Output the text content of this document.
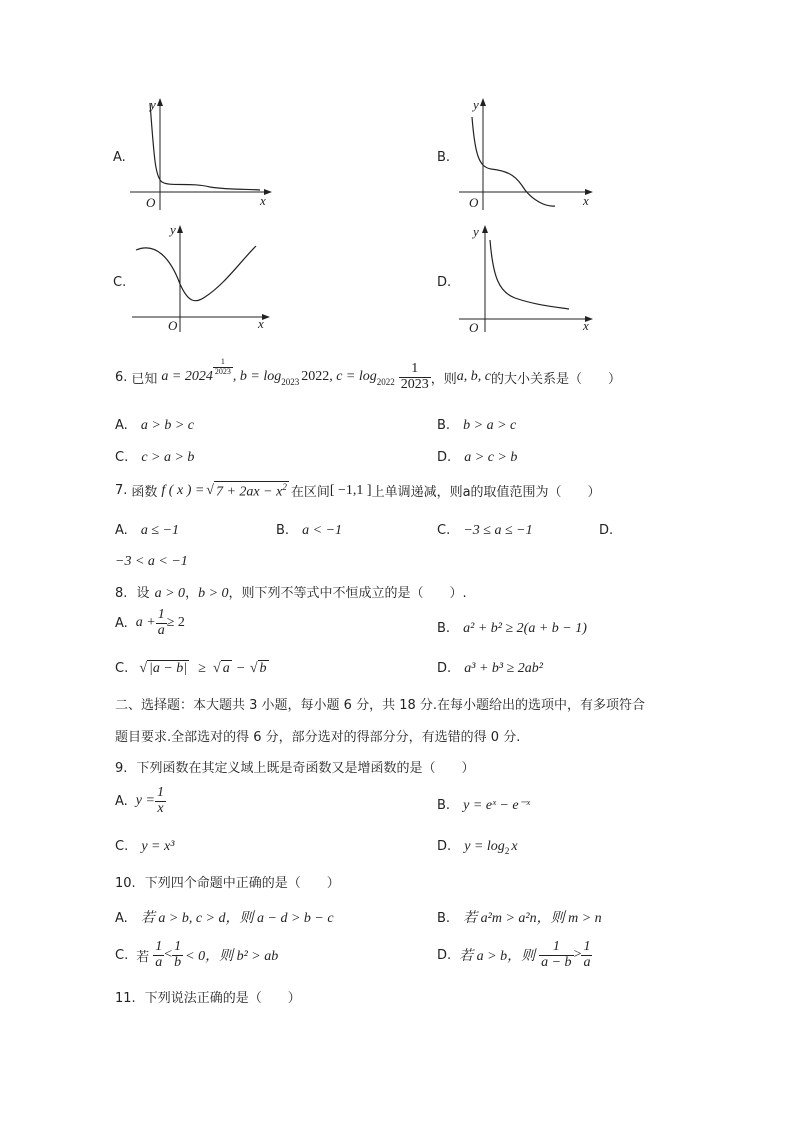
A.
y
x
O
B.
y
x
O
C.
y
x
O
D.
y
x
O
6. 已知 a = 2024
$\frac{1}{2023}$
, b = log 2023 2022 , $c = \log 2022 \frac{1}{2023}$ ，则 a, b, c 的大小关系是（　　）
A. a > b > c	B. b > a > c
C. c > a > b	D. a > c > b
7. 函数 f ( x ) = √ $7 + 2ax - x^2$ 在区间 [ −1,1 ] 上单调递减，则a的取值范围为（　　）
A. a ≤ −1	B. a < −1	C. −3 ≤ a ≤ −1	D.
−3 < a < −1
8. 设 a > 0，b > 0，则下列不等式中不恒成立的是（　　）.
A. $a + \frac{1}{a} \ge 2$	B. a² + b² ≥ 2(a + b − 1)
C. √ |a − b| ≥ √ a − √ b	D. a³ + b³ ≥ 2ab²
二、选择题：本大题共 3 小题，每小题 6 分，共 18 分.在每小题给出的选项中，有多项符合
题目要求.全部选对的得 6 分，部分选对的得部分分，有选错的得 0 分.
9. 下列函数在其定义域上既是奇函数又是增函数的是（　　）
A. $y = \frac{1}{x}$	B. y = eˣ − e⁻ˣ
C. y = x³	D. $y = \log_2 x$
10. 下列四个命题中正确的是（　　）
A. 若 a > b, c > d，则 a − d > b − c	B. 若 a²m > a²n，则 m > n
C. 若 $\frac{1}{a} < \frac{1}{b} < 0$，则 b² > ab	D. 若 a > b，则 $\frac{1}{a - b} > \frac{1}{a}$
11. 下列说法正确的是（　　）
